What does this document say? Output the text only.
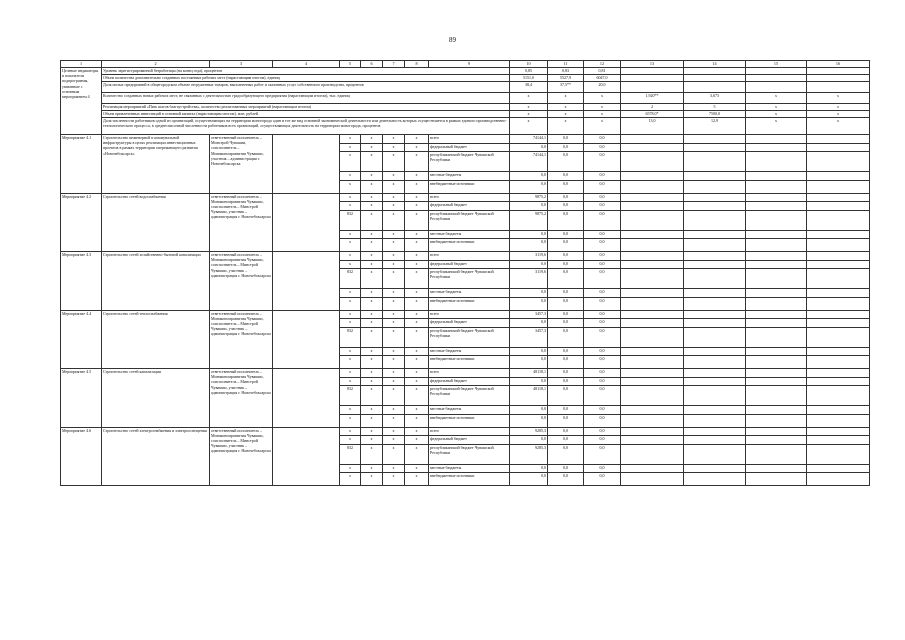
89
1	2	3	4	5	6	7	8	9	10	11	12	13	14	15	16
Целевые индикаторы и показатели подпрограммы, увязанные с основным мероприятием 4	Уровень зарегистрированной безработицы (на конец года), процентов								0,85	0,83	0,81				
	Объем количества дополнительно созданных постоянных рабочих мест (нарастающим итогом), единиц								5151,0	5527,9	6047,0				
	Доля малых предприятий в общегородском объеме отгруженных товаров, выполненных работ и оказанных услуг собственного производства, процентов								38,4	37,5**	20,0				
	Количество созданных новых рабочих мест, не связанных с деятельностью градообразующего предприятия (нарастающим итогом), тыс. единиц								x	x	x	1,920**	3,673	x	x
	Реализация мероприятий «Пять шагов благоустройства», количество реализованных мероприятий (нарастающим итогом)								x	x	x	2	5	x	x
	Объем привлеченных инвестиций в основной капитал (нарастающим итогом), млн. рублей								x	x	x	6578,0*	7500,0	x	x
	Доля численности работников одной из организаций, осуществляющих на территории моногорода один и тот же вид основной экономической деятельности или деятельность которых осуществляется в рамках единого производственно-технологического процесса, в среднесписочной численности работников всех организаций, осуществляющих деятельность на территории моногорода, процентов								x	x	x	13,0	12,9	x	x
Мероприятие 4.1	Строительство инженерной и коммунальной инфраструктуры в целях реализации инвестиционных проектов в рамках территории опережающего развития «Новочебоксарск»	ответственный исполнитель – Минстрой Чувашии, соисполнитель – Минэкономразвития Чувашии, участник – администрация г. Новочебоксарска		x	x	x	x	всего	74144,1	0,0	0,0				
				x	x	x	x	федеральный бюджет	0,0	0,0	0,0				
				x	x	x	x	республиканский бюджет Чувашской Республики	74144,1	0,0	0,0				
				x	x	x	x	местные бюджеты	0,0	0,0	0,0				
				x	x	x	x	внебюджетные источники	0,0	0,0	0,0				
Мероприятие 4.2	Строительство сетей водоснабжения	ответственный исполнитель – Минэкономразвития Чувашии, соисполнитель – Минстрой Чувашии, участник – администрация г. Новочебоксарска		x	x	x	x	всего	9875,2	0,0	0,0				
				x	x	x	x	федеральный бюджет	0,0	0,0	0,0				
				832	x	x	x	республиканский бюджет Чувашской Республики	9875,2	0,0	0,0				
				x	x	x	x	местные бюджеты	0,0	0,0	0,0				
				x	x	x	x	внебюджетные источники	0,0	0,0	0,0				
Мероприятие 4.3	Строительство сетей хозяйственно-бытовой канализации	ответственный исполнитель – Минэкономразвития Чувашии, соисполнитель – Минстрой Чувашии, участник – администрация г. Новочебоксарска		x	x	x	x	всего	3119,6	0,0	0,0				
				x	x	x	x	федеральный бюджет	0,0	0,0	0,0				
				832	x	x	x	республиканский бюджет Чувашской Республики	3119,6	0,0	0,0				
				x	x	x	x	местные бюджеты	0,0	0,0	0,0				
				x	x	x	x	внебюджетные источники	0,0	0,0	0,0				
Мероприятие 4.4	Строительство сетей теплоснабжения	ответственный исполнитель – Минэкономразвития Чувашии, соисполнитель – Минстрой Чувашии, участник – администрация г. Новочебоксарска		x	x	x	x	всего	3457,3	0,0	0,0				
				x	x	x	x	федеральный бюджет	0,0	0,0	0,0				
				832	x	x	x	республиканский бюджет Чувашской Республики	3457,3	0,0	0,0				
				x	x	x	x	местные бюджеты	0,0	0,0	0,0				
				x	x	x	x	внебюджетные источники	0,0	0,0	0,0				
Мероприятие 4.5	Строительство сетей канализации	ответственный исполнитель – Минэкономразвития Чувашии, соисполнитель – Минстрой Чувашии, участник – администрация г. Новочебоксарска		x	x	x	x	всего	48118,1	0,0	0,0				
				x	x	x	x	федеральный бюджет	0,0	0,0	0,0				
				832	x	x	x	республиканский бюджет Чувашской Республики	48118,1	0,0	0,0				
				x	x	x	x	местные бюджеты	0,0	0,0	0,0				
				x	x	x	x	внебюджетные источники	0,0	0,0	0,0				
Мероприятие 4.6	Строительство сетей электроснабжения и электроосвещения	ответственный исполнитель – Минэкономразвития Чувашии, соисполнитель – Минстрой Чувашии, участник – администрация г. Новочебоксарска		x	x	x	x	всего	9285,3	0,0	0,0				
				x	x	x	x	федеральный бюджет	0,0	0,0	0,0				
				832	x	x	x	республиканский бюджет Чувашской Республики	9285,3	0,0	0,0				
				x	x	x	x	местные бюджеты	0,0	0,0	0,0				
				x	x	x	x	внебюджетные источники	0,0	0,0	0,0				
